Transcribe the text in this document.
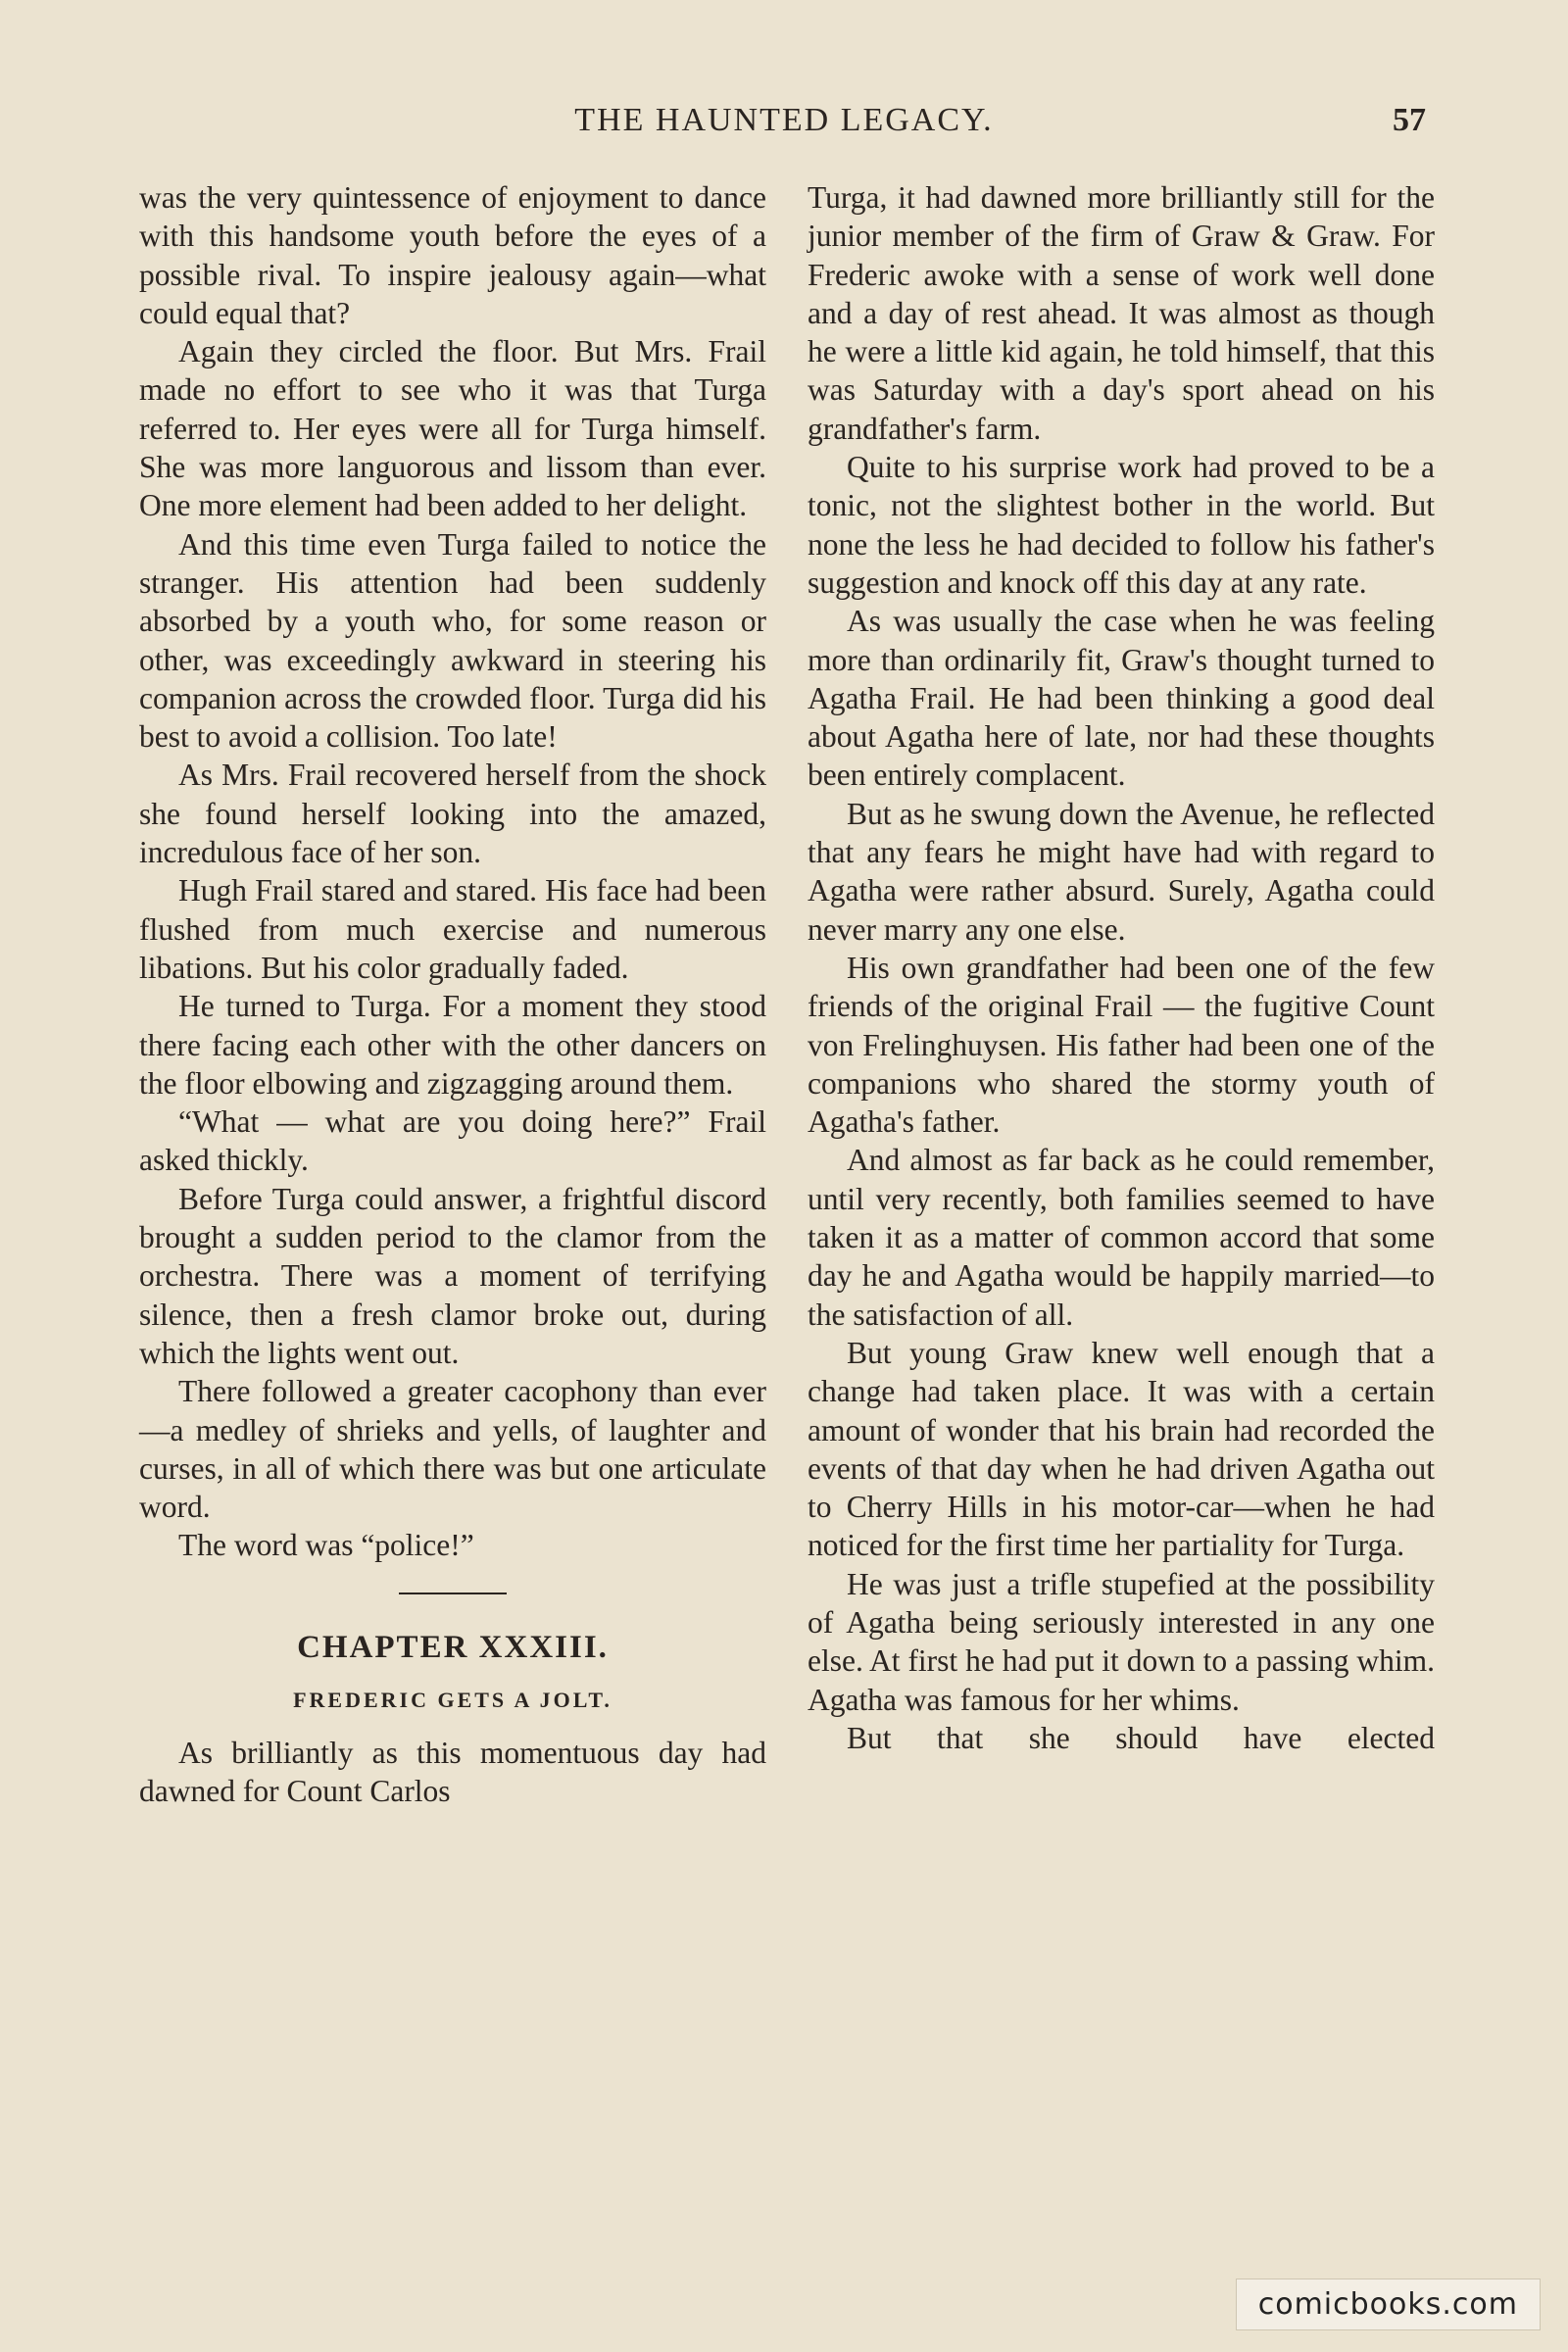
THE HAUNTED LEGACY.	57

was the very quintessence of enjoyment to dance with this handsome youth before the eyes of a possible rival. To inspire jealousy again—what could equal that?

Again they circled the floor. But Mrs. Frail made no effort to see who it was that Turga referred to. Her eyes were all for Turga himself. She was more languorous and lissom than ever. One more element had been added to her delight.

And this time even Turga failed to notice the stranger. His attention had been suddenly absorbed by a youth who, for some reason or other, was exceedingly awkward in steering his companion across the crowded floor. Turga did his best to avoid a collision. Too late!

As Mrs. Frail recovered herself from the shock she found herself looking into the amazed, incredulous face of her son.

Hugh Frail stared and stared. His face had been flushed from much exercise and numerous libations. But his color gradually faded.

He turned to Turga. For a moment they stood there facing each other with the other dancers on the floor elbowing and zigzagging around them.

“What — what are you doing here?” Frail asked thickly.

Before Turga could answer, a frightful discord brought a sudden period to the clamor from the orchestra. There was a moment of terrifying silence, then a fresh clamor broke out, during which the lights went out.

There followed a greater cacophony than ever—a medley of shrieks and yells, of laughter and curses, in all of which there was but one articulate word.

The word was “police!”

CHAPTER XXXIII.
FREDERIC GETS A JOLT.

As brilliantly as this momentuous day had dawned for Count Carlos

Turga, it had dawned more brilliantly still for the junior member of the firm of Graw & Graw. For Frederic awoke with a sense of work well done and a day of rest ahead. It was almost as though he were a little kid again, he told himself, that this was Saturday with a day's sport ahead on his grandfather's farm.

Quite to his surprise work had proved to be a tonic, not the slightest bother in the world. But none the less he had decided to follow his father's suggestion and knock off this day at any rate.

As was usually the case when he was feeling more than ordinarily fit, Graw's thought turned to Agatha Frail. He had been thinking a good deal about Agatha here of late, nor had these thoughts been entirely complacent.

But as he swung down the Avenue, he reflected that any fears he might have had with regard to Agatha were rather absurd. Surely, Agatha could never marry any one else.

His own grandfather had been one of the few friends of the original Frail — the fugitive Count von Frelinghuysen. His father had been one of the companions who shared the stormy youth of Agatha's father.

And almost as far back as he could remember, until very recently, both families seemed to have taken it as a matter of common accord that some day he and Agatha would be happily married—to the satisfaction of all.

But young Graw knew well enough that a change had taken place. It was with a certain amount of wonder that his brain had recorded the events of that day when he had driven Agatha out to Cherry Hills in his motor-car—when he had noticed for the first time her partiality for Turga.

He was just a trifle stupefied at the possibility of Agatha being seriously interested in any one else. At first he had put it down to a passing whim. Agatha was famous for her whims.

But that she should have elected

comicbooks.com
